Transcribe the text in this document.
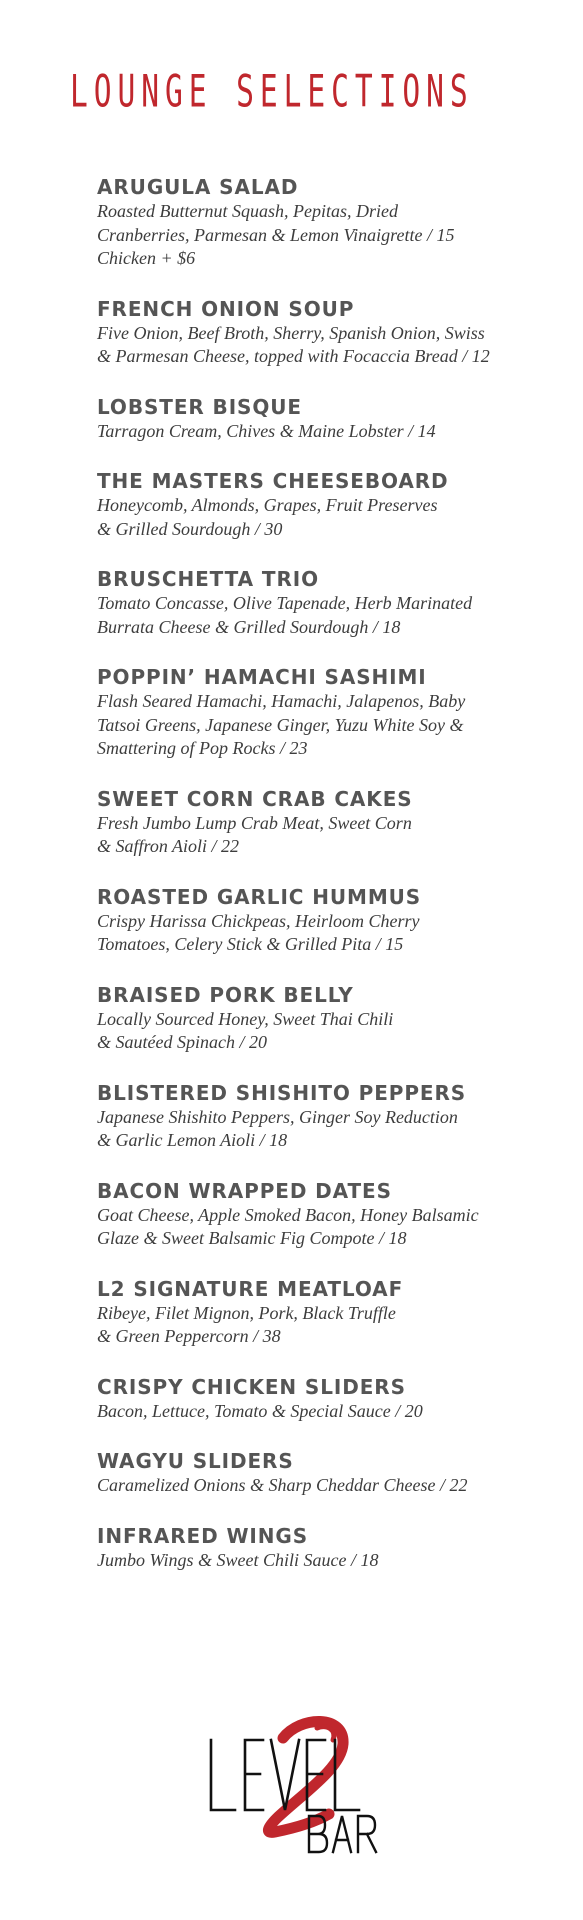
LOUNGE SELECTIONS
ARUGULA SALAD
Roasted Butternut Squash, Pepitas, Dried
Cranberries, Parmesan & Lemon Vinaigrette / 15
Chicken + $6
FRENCH ONION SOUP
Five Onion, Beef Broth, Sherry, Spanish Onion, Swiss
& Parmesan Cheese, topped with Focaccia Bread / 12
LOBSTER BISQUE
Tarragon Cream, Chives & Maine Lobster / 14
THE MASTERS CHEESEBOARD
Honeycomb, Almonds, Grapes, Fruit Preserves
& Grilled Sourdough / 30
BRUSCHETTA TRIO
Tomato Concasse, Olive Tapenade, Herb Marinated
Burrata Cheese & Grilled Sourdough / 18
POPPIN’ HAMACHI SASHIMI
Flash Seared Hamachi, Hamachi, Jalapenos, Baby
Tatsoi Greens, Japanese Ginger, Yuzu White Soy &
Smattering of Pop Rocks / 23
SWEET CORN CRAB CAKES
Fresh Jumbo Lump Crab Meat, Sweet Corn
& Saffron Aioli / 22
ROASTED GARLIC HUMMUS
Crispy Harissa Chickpeas, Heirloom Cherry
Tomatoes, Celery Stick & Grilled Pita / 15
BRAISED PORK BELLY
Locally Sourced Honey, Sweet Thai Chili
& Sautéed Spinach / 20
BLISTERED SHISHITO PEPPERS
Japanese Shishito Peppers, Ginger Soy Reduction
& Garlic Lemon Aioli / 18
BACON WRAPPED DATES
Goat Cheese, Apple Smoked Bacon, Honey Balsamic
Glaze & Sweet Balsamic Fig Compote / 18
L2 SIGNATURE MEATLOAF
Ribeye, Filet Mignon, Pork, Black Truffle
& Green Peppercorn / 38
CRISPY CHICKEN SLIDERS
Bacon, Lettuce, Tomato & Special Sauce / 20
WAGYU SLIDERS
Caramelized Onions & Sharp Cheddar Cheese / 22
INFRARED WINGS
Jumbo Wings & Sweet Chili Sauce / 18
